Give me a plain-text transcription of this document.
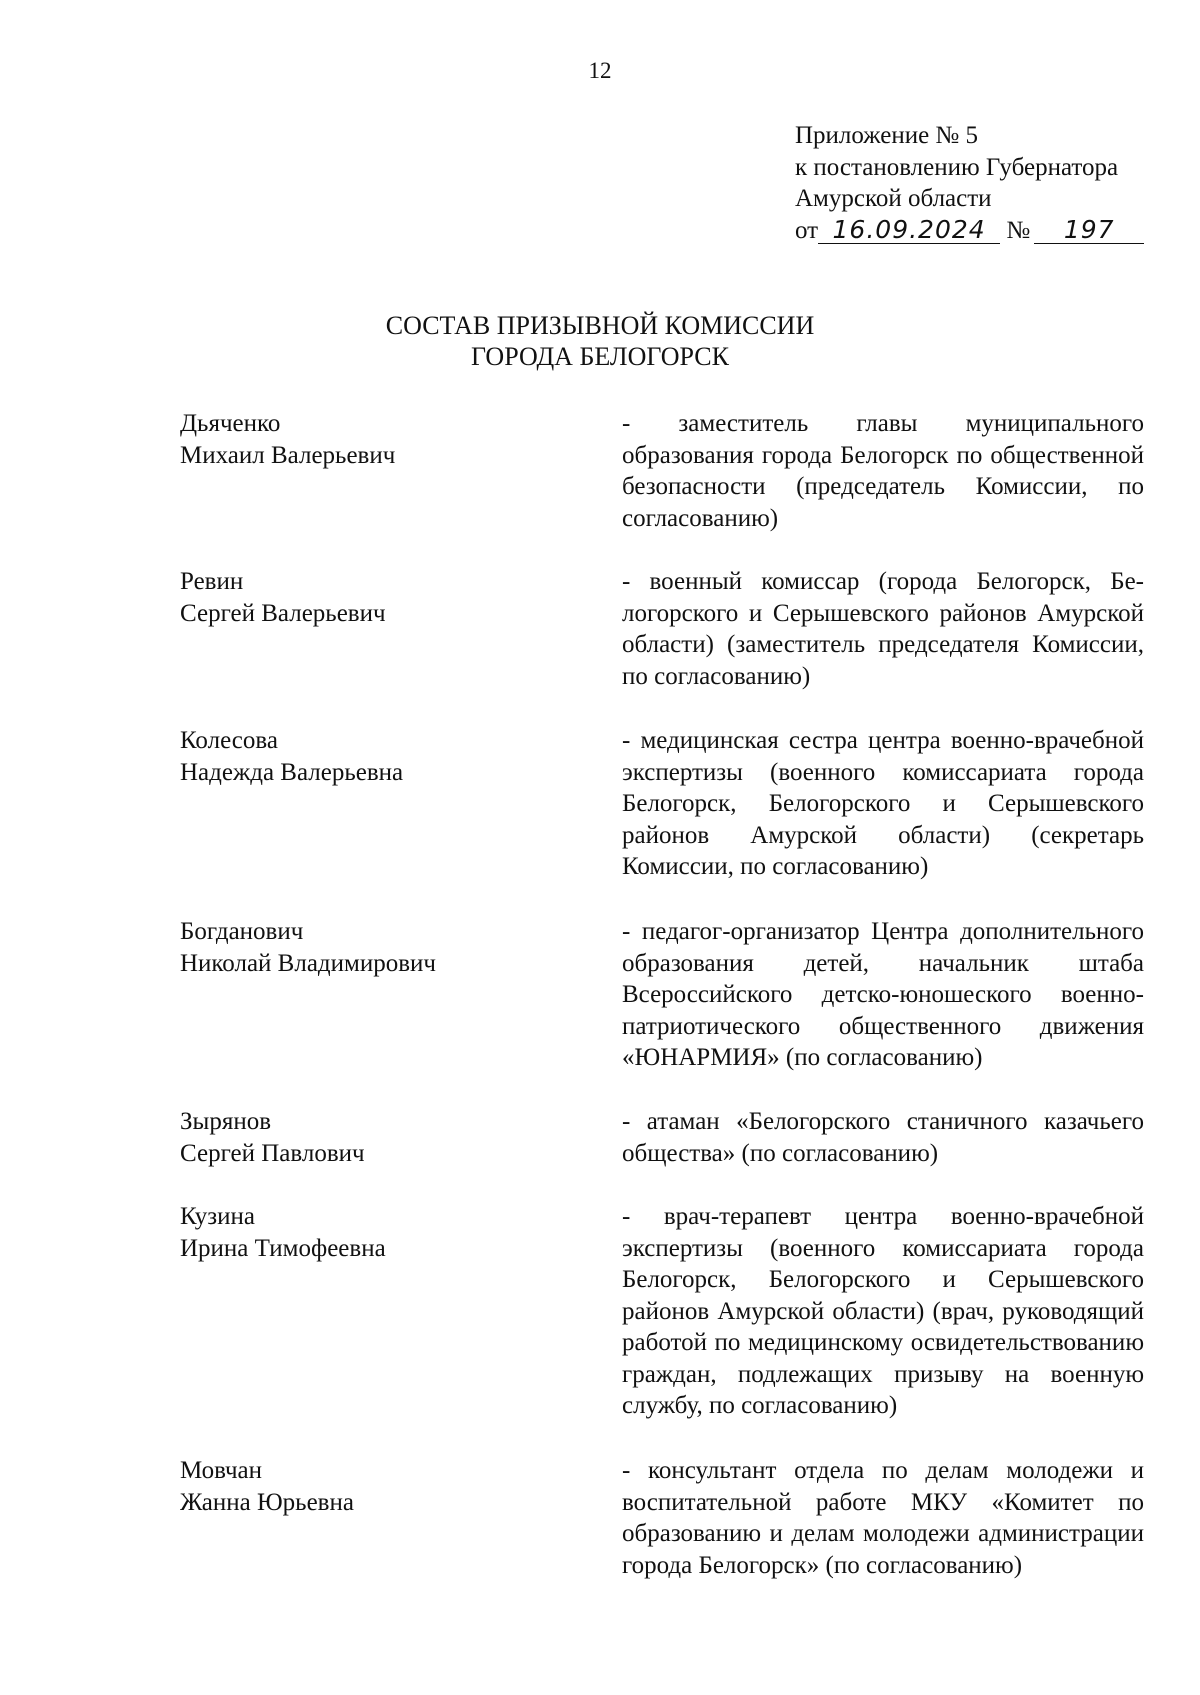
12
Приложение № 5
к постановлению Губернатора
Амурской области
от 16.09.2024 № 197
СОСТАВ ПРИЗЫВНОЙ КОМИССИИ
ГОРОДА БЕЛОГОРСК
Дьяченко
Михаил Валерьевич
- заместитель главы муниципального образования города Белогорск по общественной безопасности (председатель Комиссии, по согласованию)
Ревин
Сергей Валерьевич
- военный комиссар (города Белогорск, Белогорского и Серышевского районов Амурской области) (заместитель председателя Комиссии, по согласованию)
Колесова
Надежда Валерьевна
- медицинская сестра центра военно-врачебной экспертизы (военного комиссариата города Белогорск, Белогорского и Серышевского районов Амурской области) (секретарь Комиссии, по согласованию)
Богданович
Николай Владимирович
- педагог-организатор Центра дополнительного образования детей, начальник штаба Всероссийского детско-юношеского военно-патриотического общественного движения «ЮНАРМИЯ» (по согласованию)
Зырянов
Сергей Павлович
- атаман «Белогорского станичного казачьего общества» (по согласованию)
Кузина
Ирина Тимофеевна
- врач-терапевт центра военно-врачебной экспертизы (военного комиссариата города Белогорск, Белогорского и Серышевского районов Амурской области) (врач, руководящий работой по медицинскому освидетельствованию граждан, подлежащих призыву на военную службу, по согласованию)
Мовчан
Жанна Юрьевна
- консультант отдела по делам молодежи и воспитательной работе МКУ «Комитет по образованию и делам молодежи администрации города Белогорск» (по согласованию)
